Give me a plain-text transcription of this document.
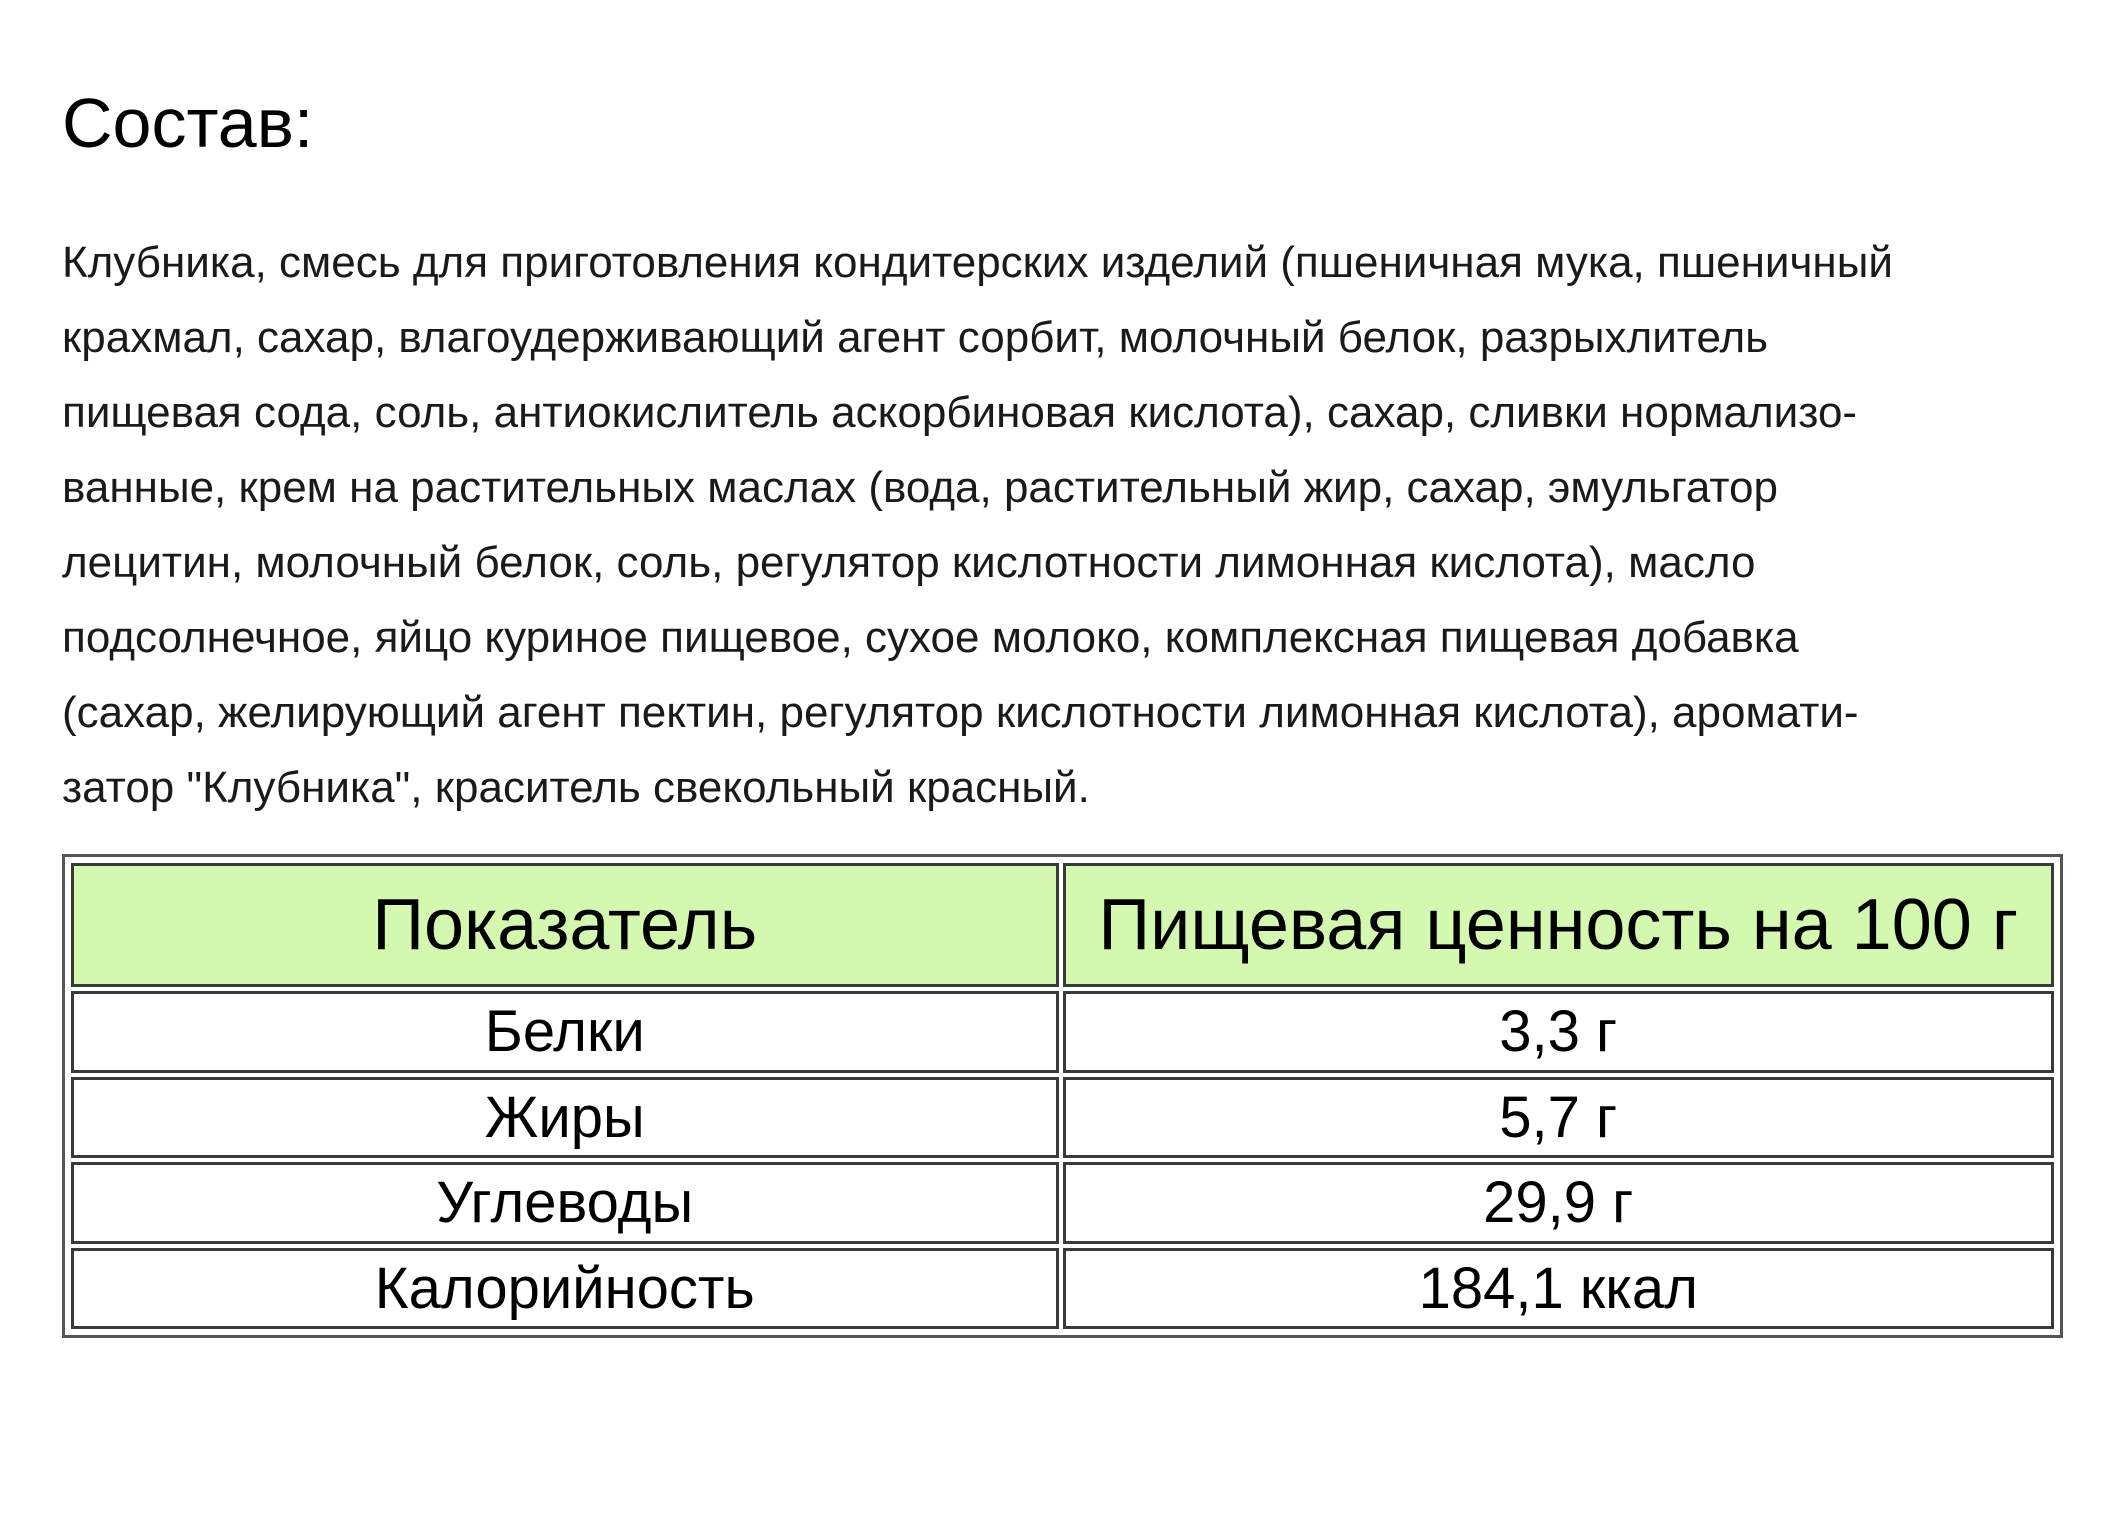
Состав:

Клубника, смесь для приготовления кондитерских изделий (пшеничная мука, пшеничный
крахмал, сахар, влагоудерживающий агент сорбит, молочный белок, разрыхлитель
пищевая сода, соль, антиокислитель аскорбиновая кислота), сахар, сливки нормализо-
ванные, крем на растительных маслах (вода, растительный жир, сахар, эмульгатор
лецитин, молочный белок, соль, регулятор кислотности лимонная кислота), масло
подсолнечное, яйцо куриное пищевое, сухое молоко, комплексная пищевая добавка
(сахар, желирующий агент пектин, регулятор кислотности лимонная кислота), аромати-
затор "Клубника", краситель свекольный красный.

Показатель	Пищевая ценность на 100 г
Белки	3,3 г
Жиры	5,7 г
Углеводы	29,9 г
Калорийность	184,1 ккал
